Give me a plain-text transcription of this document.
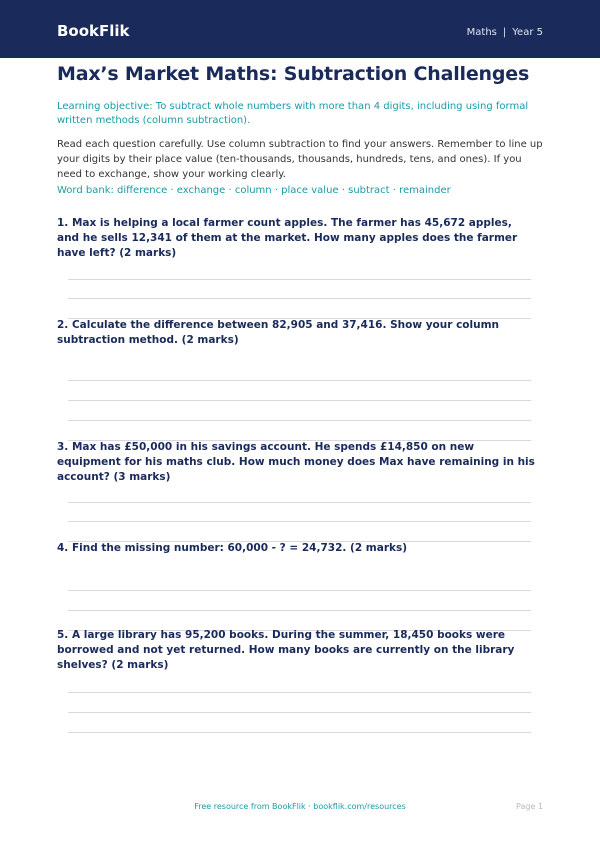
BookFlik	Maths | Year 5
Max’s Market Maths: Subtraction Challenges

Learning objective: To subtract whole numbers with more than 4 digits, including using formal written methods (column subtraction).

Read each question carefully. Use column subtraction to find your answers. Remember to line up your digits by their place value (ten-thousands, thousands, hundreds, tens, and ones). If you need to exchange, show your working clearly.

Word bank: difference · exchange · column · place value · subtract · remainder

1. Max is helping a local farmer count apples. The farmer has 45,672 apples, and he sells 12,341 of them at the market. How many apples does the farmer have left? (2 marks)

2. Calculate the difference between 82,905 and 37,416. Show your column subtraction method. (2 marks)

3. Max has £50,000 in his savings account. He spends £14,850 on new equipment for his maths club. How much money does Max have remaining in his account? (3 marks)

4. Find the missing number: 60,000 - ? = 24,732. (2 marks)

5. A large library has 95,200 books. During the summer, 18,450 books were borrowed and not yet returned. How many books are currently on the library shelves? (2 marks)

Free resource from BookFlik · bookflik.com/resources	Page 1
